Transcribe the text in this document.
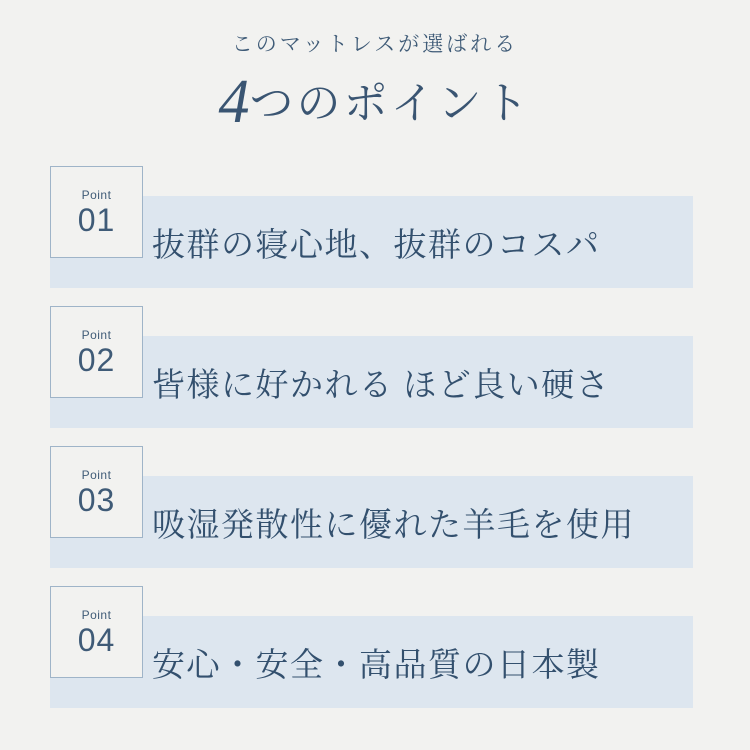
このマットレスが選ばれる
4つのポイント
Point
01
抜群の寝心地、抜群のコスパ
Point
02
皆様に好かれる ほど良い硬さ
Point
03
吸湿発散性に優れた羊毛を使用
Point
04
安心・安全・高品質の日本製
